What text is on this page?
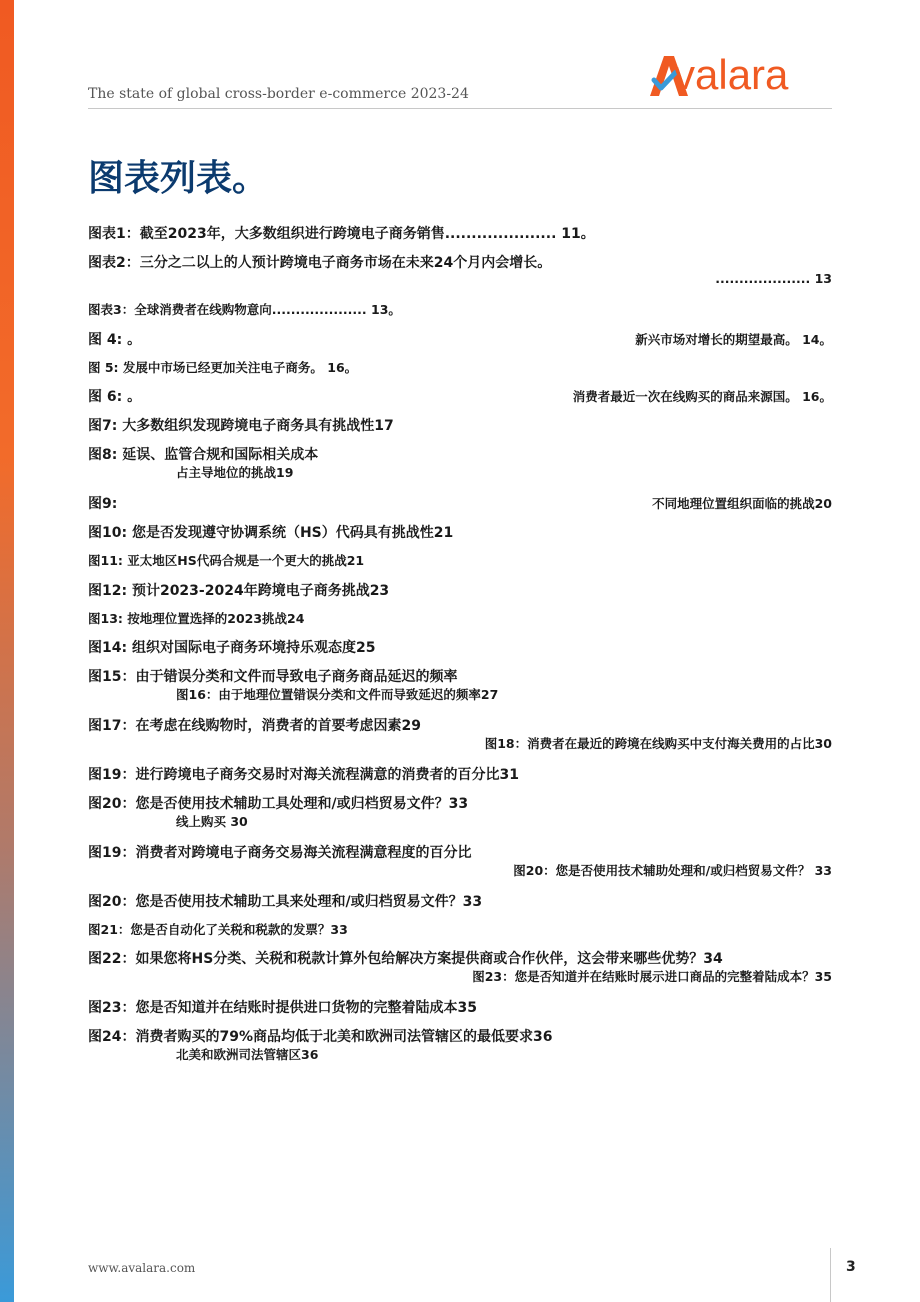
The state of global cross-border e-commerce 2023-24	valara
图表列表。
图表1：截至2023年，大多数组织进行跨境电子商务销售..................... 11。
图表2：三分之二以上的人预计跨境电子商务市场在未来24个月内会增长。
.................... 13
图表3：全球消费者在线购物意向.................... 13。
图 4: 。	新兴市场对增长的期望最高。 14。
图 5: 发展中市场已经更加关注电子商务。 16。
图 6: 。	消费者最近一次在线购买的商品来源国。 16。
图7: 大多数组织发现跨境电子商务具有挑战性17
图8: 延误、监管合规和国际相关成本
占主导地位的挑战19
图9:	不同地理位置组织面临的挑战20
图10: 您是否发现遵守协调系统（HS）代码具有挑战性21
图11: 亚太地区HS代码合规是一个更大的挑战21
图12: 预计2023-2024年跨境电子商务挑战23
图13: 按地理位置选择的2023挑战24
图14: 组织对国际电子商务环境持乐观态度25
图15：由于错误分类和文件而导致电子商务商品延迟的频率
图16：由于地理位置错误分类和文件而导致延迟的频率27
图17：在考虑在线购物时，消费者的首要考虑因素29
图18：消费者在最近的跨境在线购买中支付海关费用的占比30
图19：进行跨境电子商务交易时对海关流程满意的消费者的百分比31
图20：您是否使用技术辅助工具处理和/或归档贸易文件？33
线上购买 30
图19：消费者对跨境电子商务交易海关流程满意程度的百分比
图20：您是否使用技术辅助处理和/或归档贸易文件？ 33
图20：您是否使用技术辅助工具来处理和/或归档贸易文件？33
图21：您是否自动化了关税和税款的发票？33
图22：如果您将HS分类、关税和税款计算外包给解决方案提供商或合作伙伴，这会带来哪些优势？34
图23：您是否知道并在结账时展示进口商品的完整着陆成本？35
图23：您是否知道并在结账时提供进口货物的完整着陆成本35
图24：消费者购买的79%商品均低于北美和欧洲司法管辖区的最低要求36
北美和欧洲司法管辖区36
www.avalara.com	3
